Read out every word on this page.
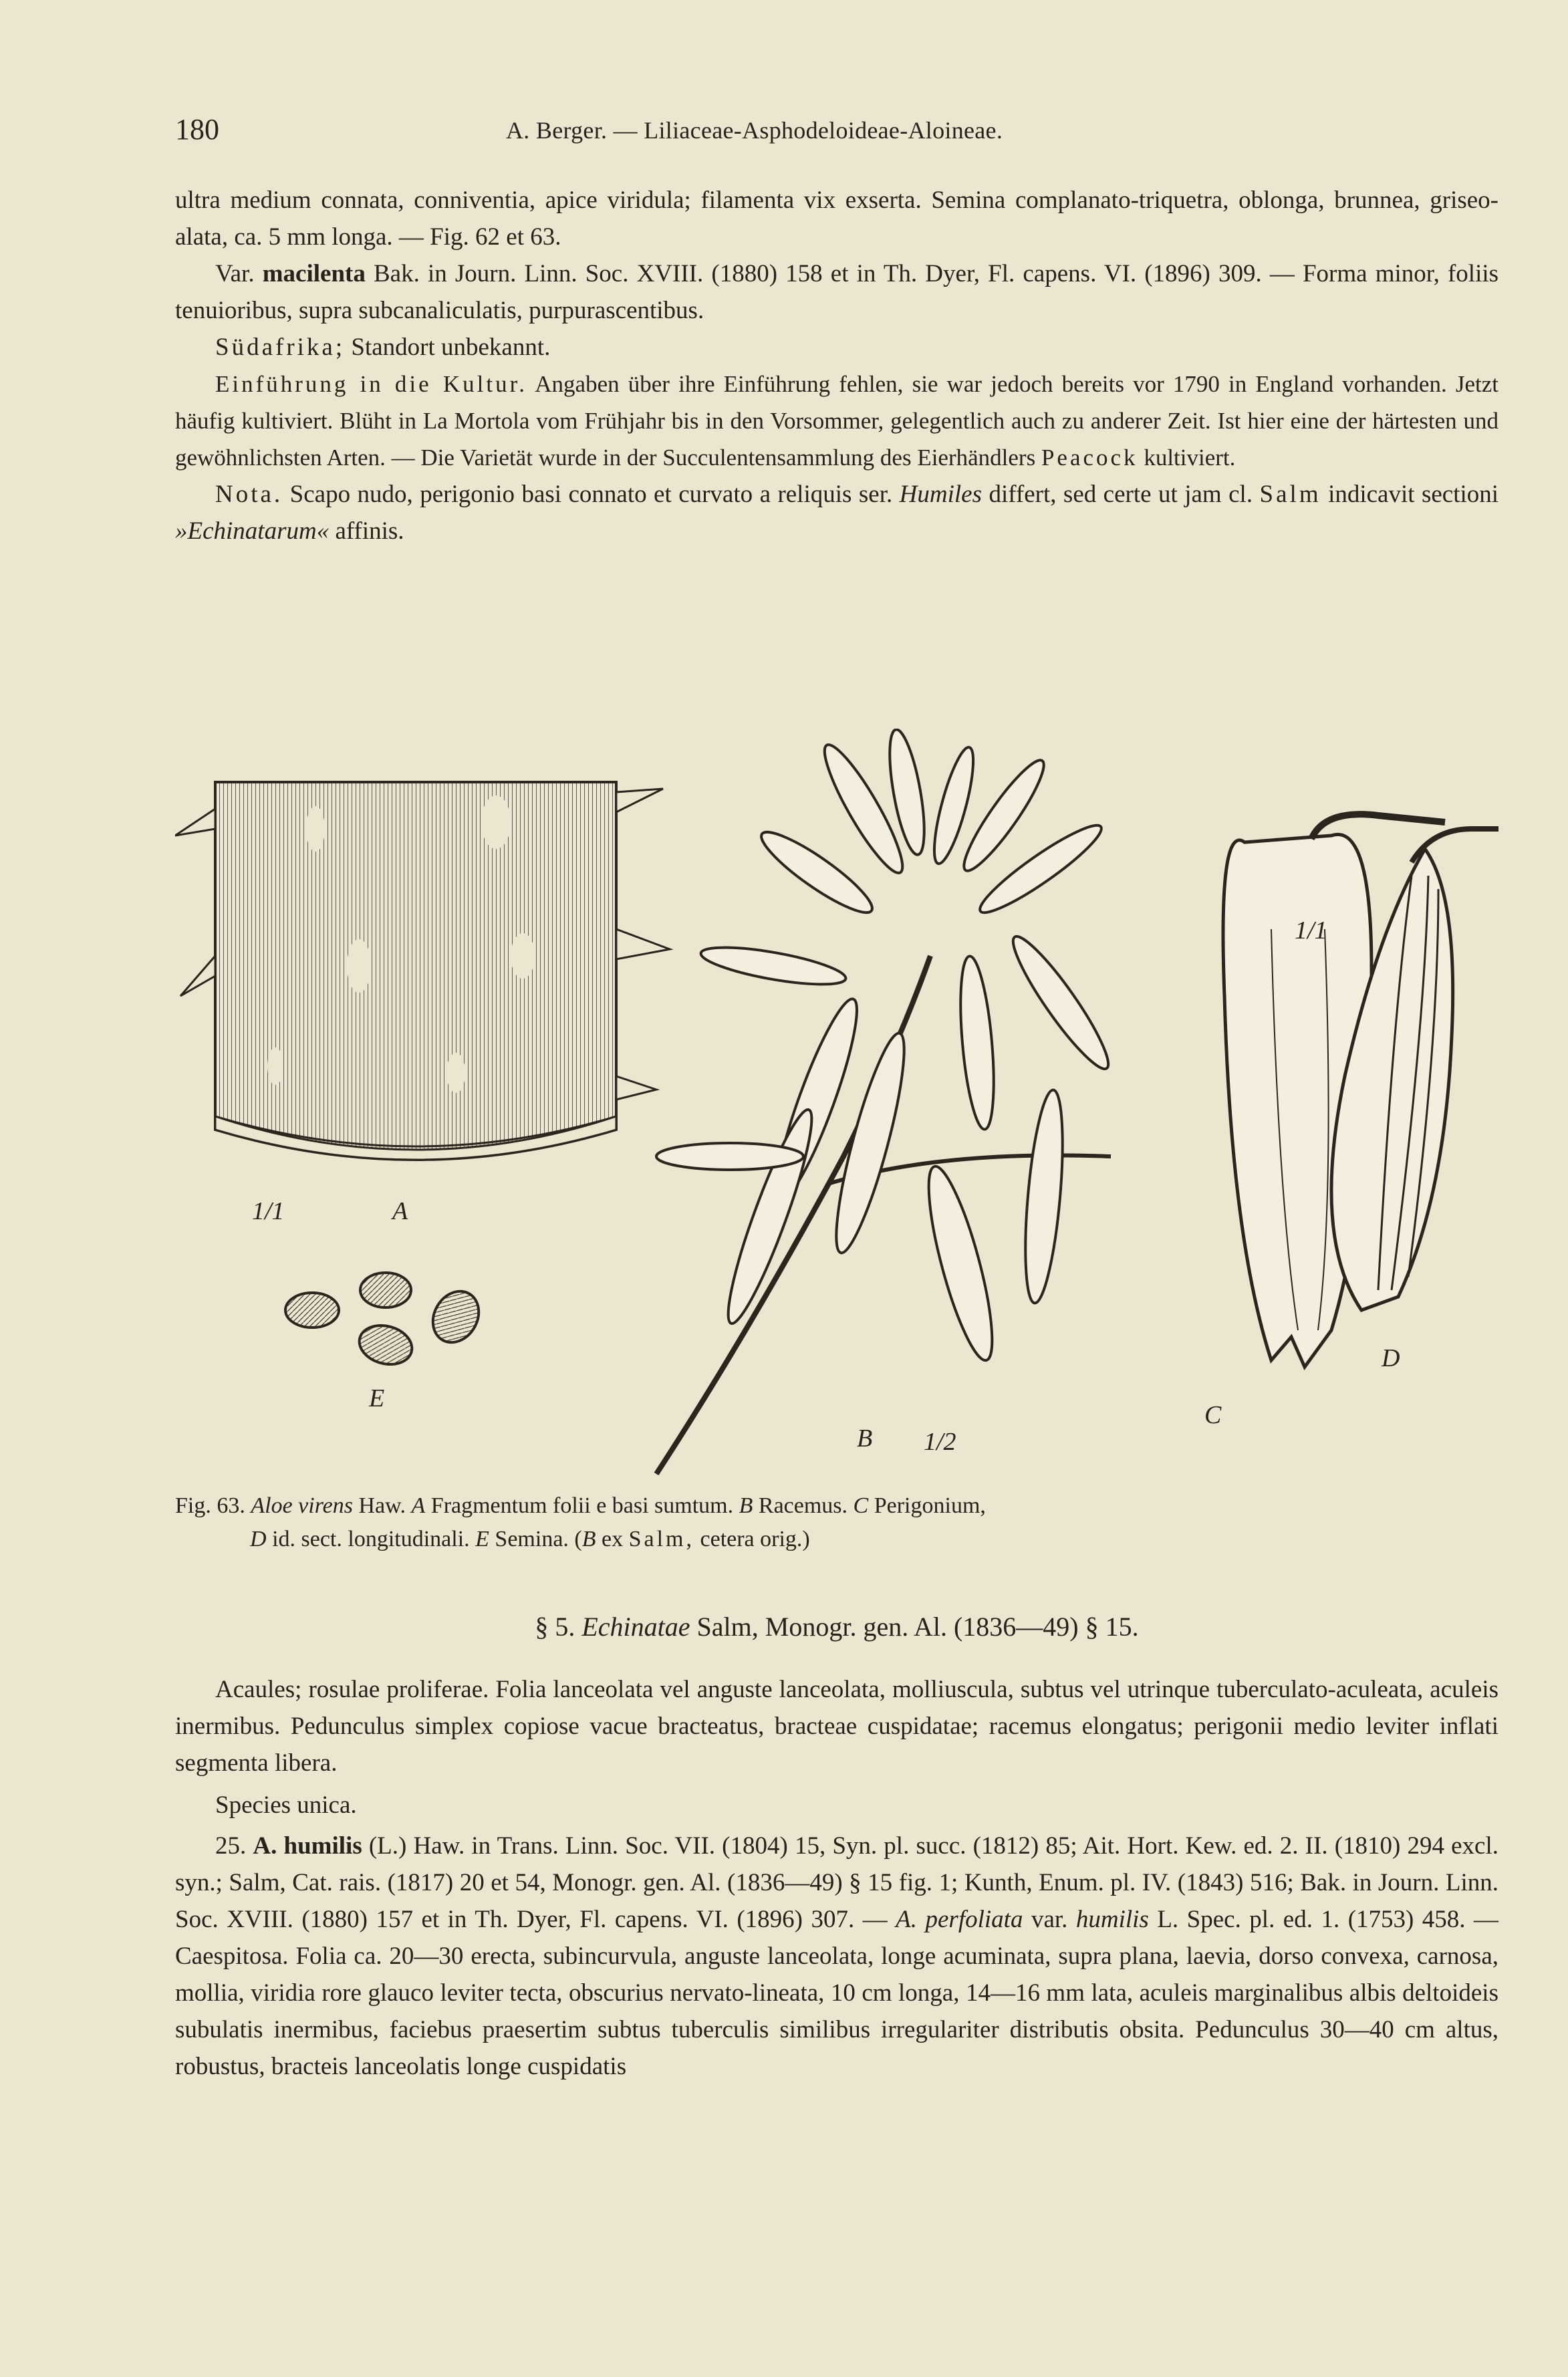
180	A. Berger. — Liliaceae-Asphodeloideae-Aloineae.

ultra medium connata, conniventia, apice viridula; filamenta vix exserta. Semina complanato-triquetra, oblonga, brunnea, griseo-alata, ca. 5 mm longa. — Fig. 62 et 63.

Var. macilenta Bak. in Journ. Linn. Soc. XVIII. (1880) 158 et in Th. Dyer, Fl. capens. VI. (1896) 309. — Forma minor, foliis tenuioribus, supra subcanaliculatis, purpurascentibus.

Südafrika; Standort unbekannt.

Einführung in die Kultur. Angaben über ihre Einführung fehlen, sie war jedoch bereits vor 1790 in England vorhanden. Jetzt häufig kultiviert. Blüht in La Mortola vom Frühjahr bis in den Vorsommer, gelegentlich auch zu anderer Zeit. Ist hier eine der härtesten und gewöhnlichsten Arten. — Die Varietät wurde in der Succulentensammlung des Eierhändlers Peacock kultiviert.

Nota. Scapo nudo, perigonio basi connato et curvato a reliquis ser. Humiles differt, sed certe ut jam cl. Salm indicavit sectioni »Echinatarum« affinis.

1/1	A
E
B 1/2
C
1/1
D

Fig. 63. Aloe virens Haw. A Fragmentum folii e basi sumtum. B Racemus. C Perigonium,

D id. sect. longitudinali. E Semina. (B ex Salm, cetera orig.)

§ 5. Echinatae Salm, Monogr. gen. Al. (1836—49) § 15.

Acaules; rosulae proliferae. Folia lanceolata vel anguste lanceolata, molliuscula, subtus vel utrinque tuberculato-aculeata, aculeis inermibus. Pedunculus simplex copiose vacue bracteatus, bracteae cuspidatae; racemus elongatus; perigonii medio leviter inflati segmenta libera.

Species unica.

25. A. humilis (L.) Haw. in Trans. Linn. Soc. VII. (1804) 15, Syn. pl. succ. (1812) 85; Ait. Hort. Kew. ed. 2. II. (1810) 294 excl. syn.; Salm, Cat. rais. (1817) 20 et 54, Monogr. gen. Al. (1836—49) § 15 fig. 1; Kunth, Enum. pl. IV. (1843) 516; Bak. in Journ. Linn. Soc. XVIII. (1880) 157 et in Th. Dyer, Fl. capens. VI. (1896) 307. — A. perfoliata var. humilis L. Spec. pl. ed. 1. (1753) 458. — Caespitosa. Folia ca. 20—30 erecta, subincurvula, anguste lanceolata, longe acuminata, supra plana, laevia, dorso convexa, carnosa, mollia, viridia rore glauco leviter tecta, obscurius nervato-lineata, 10 cm longa, 14—16 mm lata, aculeis marginalibus albis deltoideis subulatis inermibus, faciebus praesertim subtus tuberculis similibus irregulariter distributis obsita. Pedunculus 30—40 cm altus, robustus, bracteis lanceolatis longe cuspidatis
